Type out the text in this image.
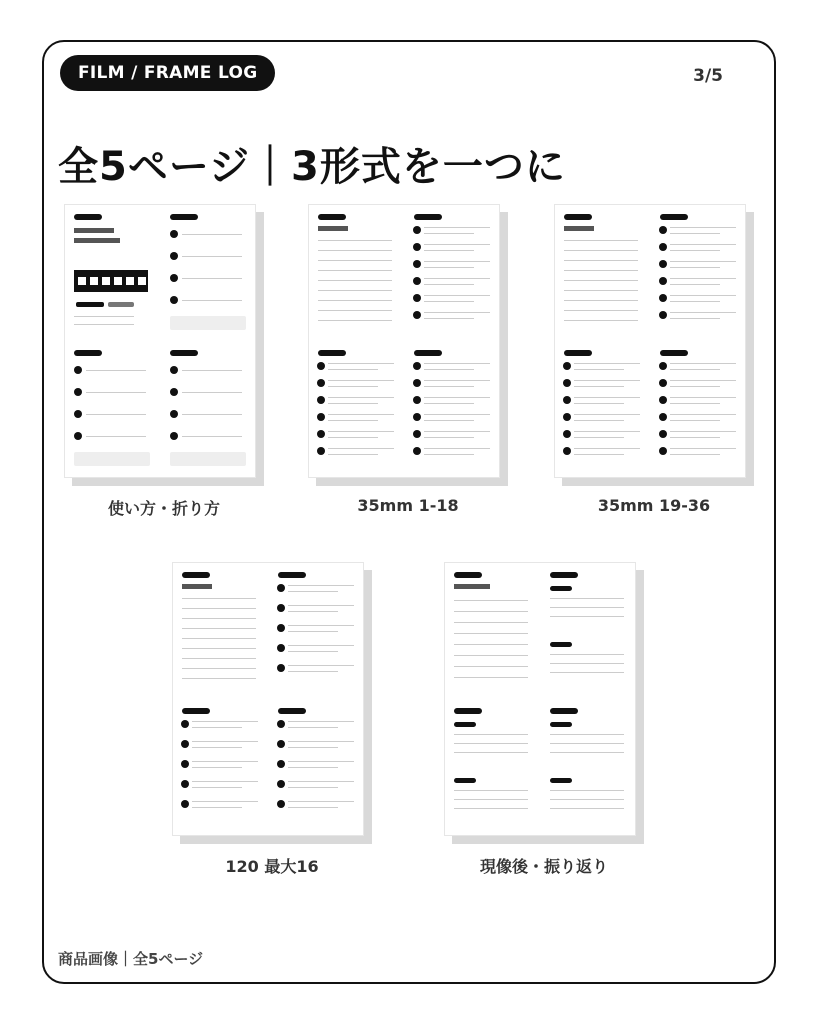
FILM / FRAME LOG	3/5
全5ページ｜3形式を一つに
使い方・折り方	35mm 1-18	35mm 19-36
120 最大16	現像後・振り返り
商品画像｜全5ページ
